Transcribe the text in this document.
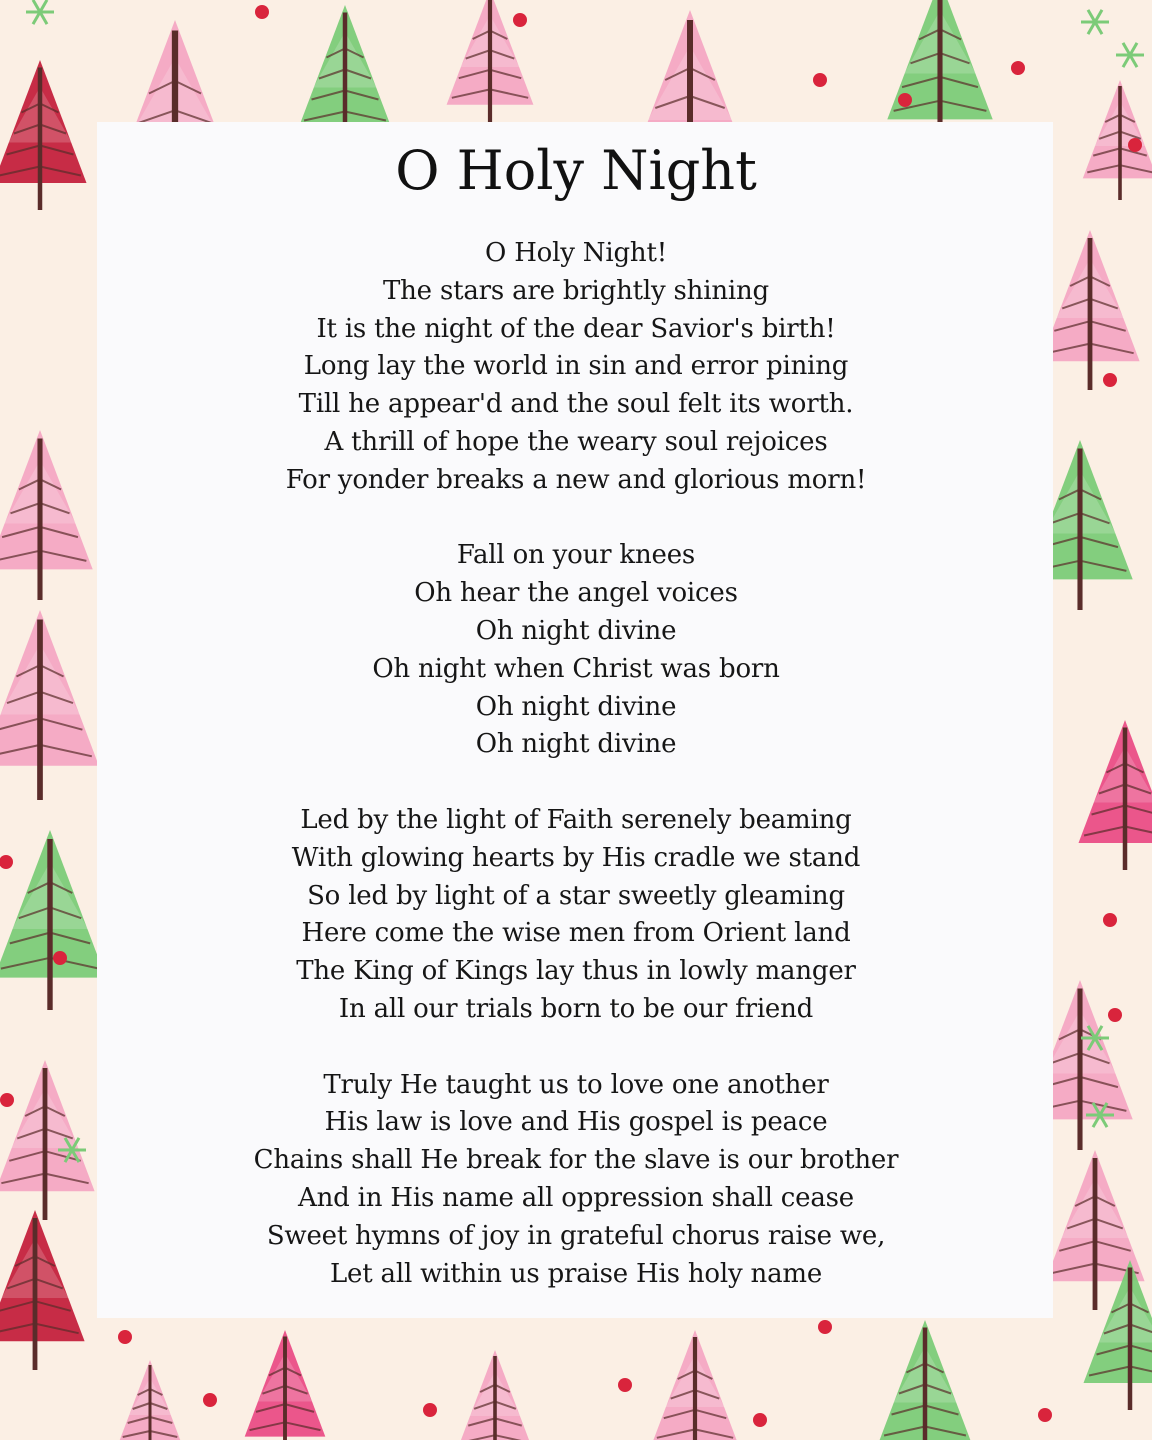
O Holy Night

O Holy Night!
The stars are brightly shining
It is the night of the dear Savior's birth!
Long lay the world in sin and error pining
Till he appear'd and the soul felt its worth.
A thrill of hope the weary soul rejoices
For yonder breaks a new and glorious morn!

Fall on your knees
Oh hear the angel voices
Oh night divine
Oh night when Christ was born
Oh night divine
Oh night divine

Led by the light of Faith serenely beaming
With glowing hearts by His cradle we stand
So led by light of a star sweetly gleaming
Here come the wise men from Orient land
The King of Kings lay thus in lowly manger
In all our trials born to be our friend

Truly He taught us to love one another
His law is love and His gospel is peace
Chains shall He break for the slave is our brother
And in His name all oppression shall cease
Sweet hymns of joy in grateful chorus raise we,
Let all within us praise His holy name
